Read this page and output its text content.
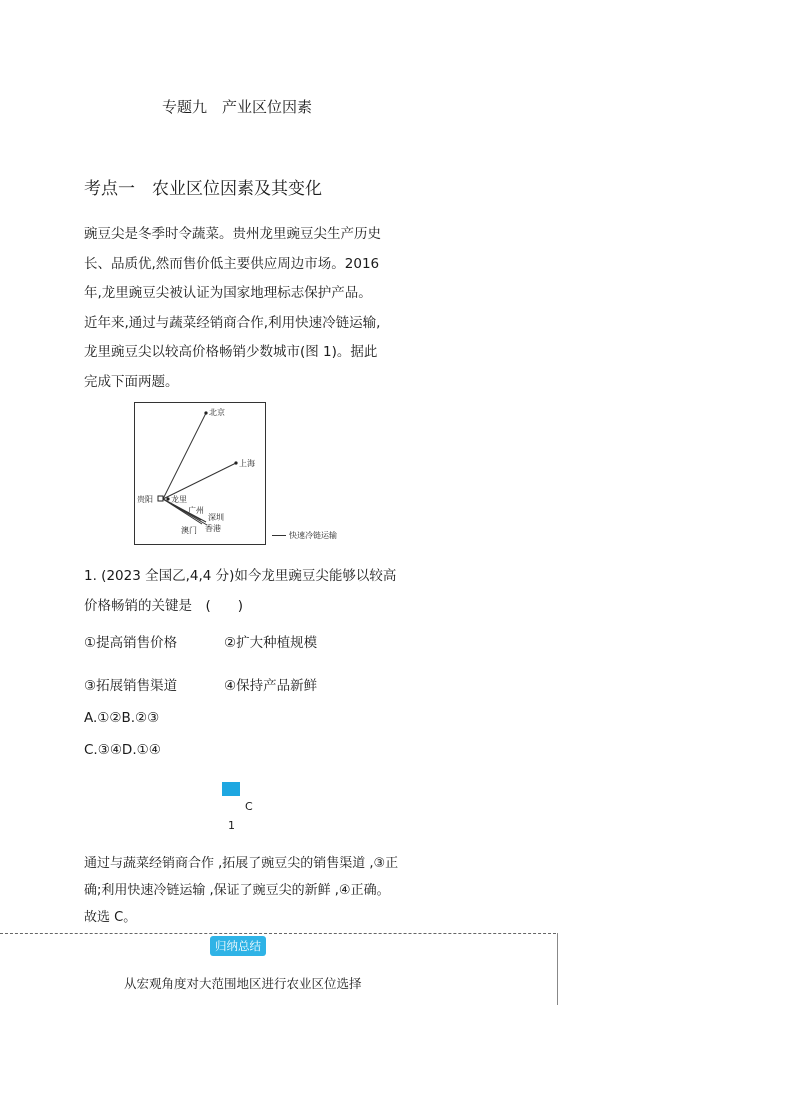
专题九　产业区位因素
考点一　农业区位因素及其变化
豌豆尖是冬季时令蔬菜。贵州龙里豌豆尖生产历史
长、品质优,然而售价低主要供应周边市场。2016
年,龙里豌豆尖被认证为国家地理标志保护产品。
近年来,通过与蔬菜经销商合作,利用快速冷链运输,
龙里豌豆尖以较高价格畅销少数城市(图 1)。据此
完成下面两题。
北京
上海
贵阳 龙里
广州
深圳
澳门 香港
快速冷链运输
1. (2023 全国乙,4,4 分)如今龙里豌豆尖能够以较高
价格畅销的关键是　(　　)
①提高销售价格	②扩大种植规模
③拓展销售渠道	④保持产品新鲜
A.①②B.②③
C.③④D.①④
C
1
通过与蔬菜经销商合作 ,拓展了豌豆尖的销售渠道 ,③正确;利用快速冷链运输 ,保证了豌豆尖的新鲜 ,④正确。故选 C。
归纳总结
从宏观角度对大范围地区进行农业区位选择
